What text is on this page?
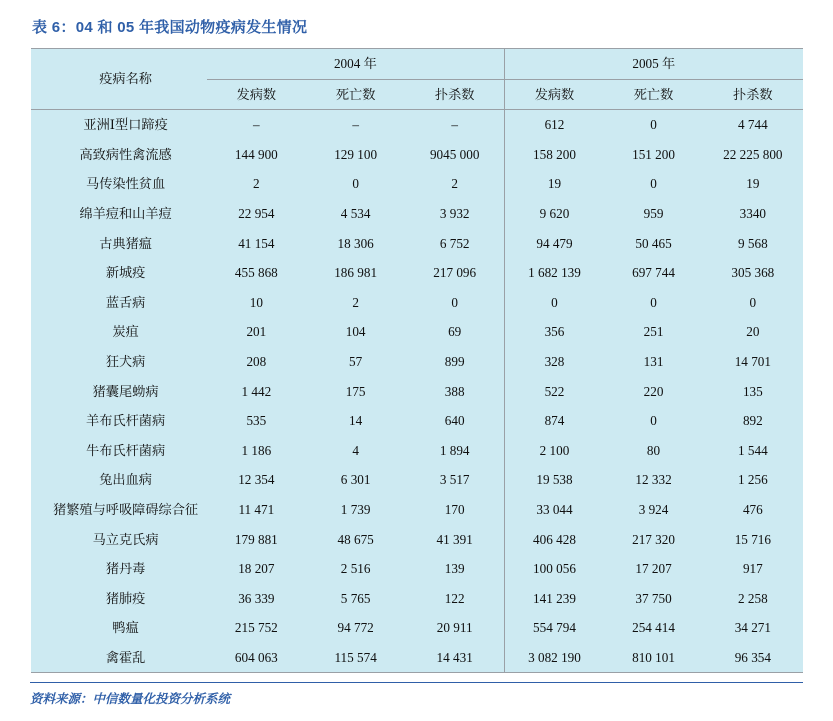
表 6：04 和 05 年我国动物疫病发生情况
疫病名称	2004 年			2005 年		
	发病数	死亡数	扑杀数	发病数	死亡数	扑杀数
亚洲Ⅰ型口蹄疫	–	–	–	612	0	4 744
高致病性禽流感	144 900	129 100	9045 000	158 200	151 200	22 225 800
马传染性贫血	2	0	2	19	0	19
绵羊痘和山羊痘	22 954	4 534	3 932	9 620	959	3340
古典猪瘟	41 154	18 306	6 752	94 479	50 465	9 568
新城疫	455 868	186 981	217 096	1 682 139	697 744	305 368
蓝舌病	10	2	0	0	0	0
炭疽	201	104	69	356	251	20
狂犬病	208	57	899	328	131	14 701
猪囊尾蚴病	1 442	175	388	522	220	135
羊布氏杆菌病	535	14	640	874	0	892
牛布氏杆菌病	1 186	4	1 894	2 100	80	1 544
兔出血病	12 354	6 301	3 517	19 538	12 332	1 256
猪繁殖与呼吸障碍综合征	11 471	1 739	170	33 044	3 924	476
马立克氏病	179 881	48 675	41 391	406 428	217 320	15 716
猪丹毒	18 207	2 516	139	100 056	17 207	917
猪肺疫	36 339	5 765	122	141 239	37 750	2 258
鸭瘟	215 752	94 772	20 911	554 794	254 414	34 271
禽霍乱	604 063	115 574	14 431	3 082 190	810 101	96 354
资料来源：中信数量化投资分析系统
